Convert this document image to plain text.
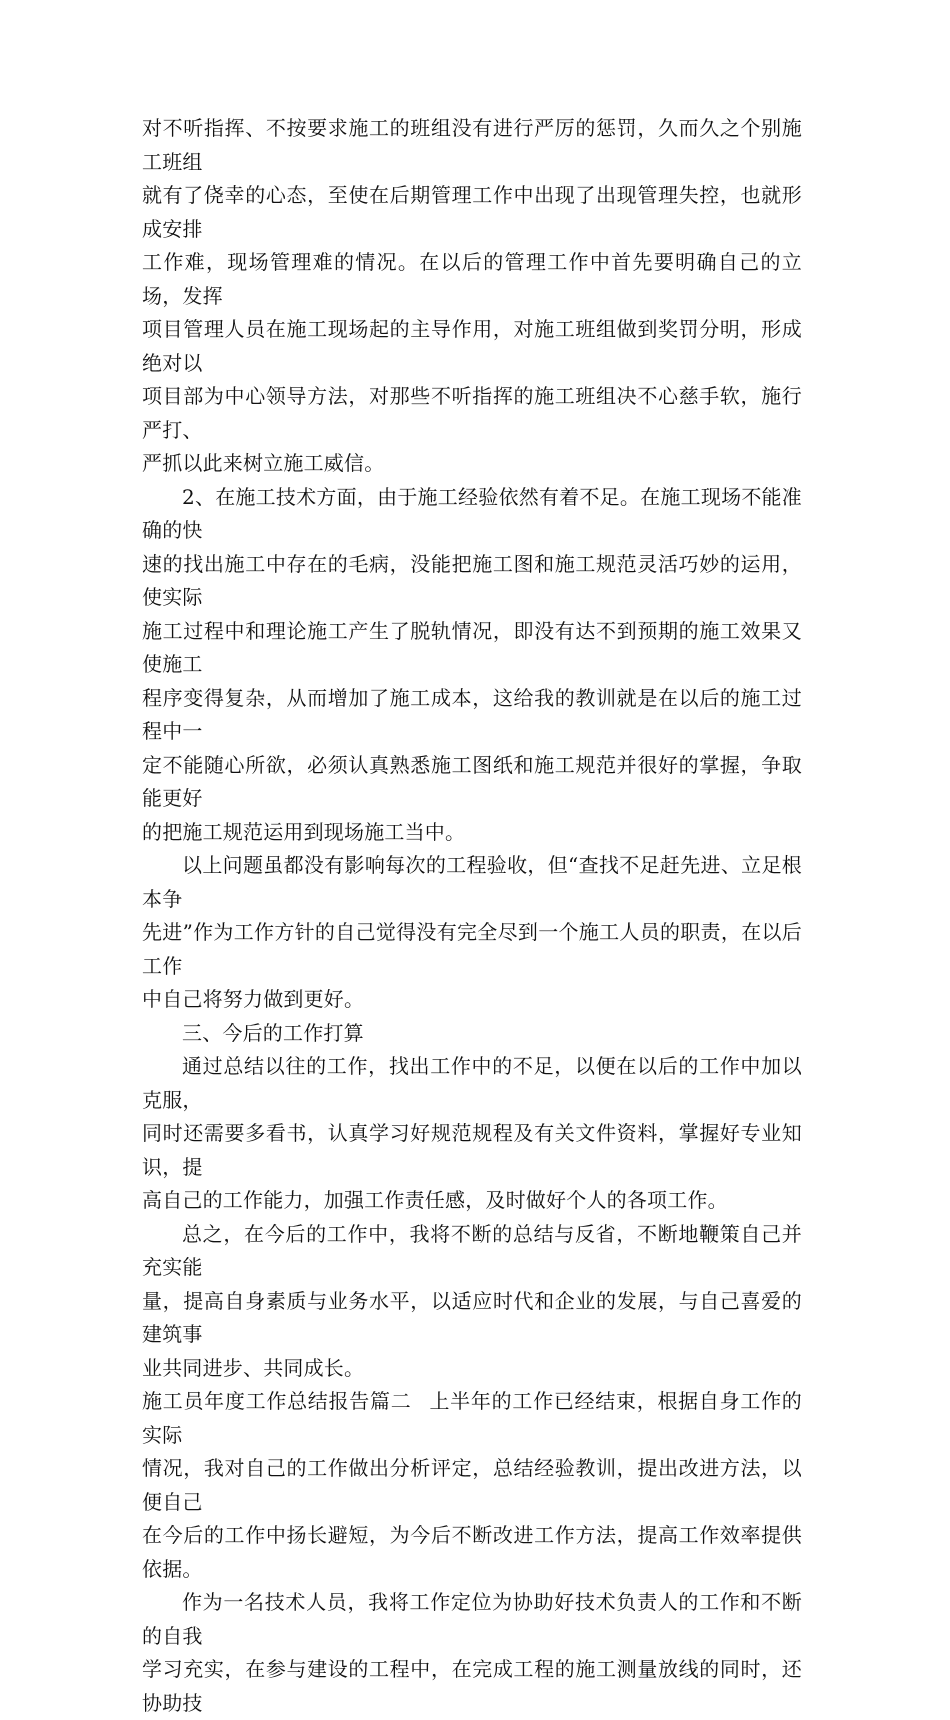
对不听指挥、不按要求施工的班组没有进行严厉的惩罚，久而久之个别施工班组
就有了侥幸的心态，至使在后期管理工作中出现了出现管理失控，也就形成安排
工作难，现场管理难的情况。在以后的管理工作中首先要明确自己的立场，发挥
项目管理人员在施工现场起的主导作用，对施工班组做到奖罚分明，形成绝对以
项目部为中心领导方法，对那些不听指挥的施工班组决不心慈手软，施行严打、
严抓以此来树立施工威信。

2、在施工技术方面，由于施工经验依然有着不足。在施工现场不能准确的快
速的找出施工中存在的毛病，没能把施工图和施工规范灵活巧妙的运用，使实际
施工过程中和理论施工产生了脱轨情况，即没有达不到预期的施工效果又使施工
程序变得复杂，从而增加了施工成本，这给我的教训就是在以后的施工过程中一
定不能随心所欲，必须认真熟悉施工图纸和施工规范并很好的掌握，争取能更好
的把施工规范运用到现场施工当中。

以上问题虽都没有影响每次的工程验收，但“查找不足赶先进、立足根本争
先进”作为工作方针的自己觉得没有完全尽到一个施工人员的职责，在以后工作
中自己将努力做到更好。

三、今后的工作打算

通过总结以往的工作，找出工作中的不足，以便在以后的工作中加以克服，
同时还需要多看书，认真学习好规范规程及有关文件资料，掌握好专业知识，提
高自己的工作能力，加强工作责任感，及时做好个人的各项工作。

总之，在今后的工作中，我将不断的总结与反省，不断地鞭策自己并充实能
量，提高自身素质与业务水平，以适应时代和企业的发展，与自己喜爱的建筑事
业共同进步、共同成长。

施工员年度工作总结报告篇二 上半年的工作已经结束，根据自身工作的实际
情况，我对自己的工作做出分析评定，总结经验教训，提出改进方法，以便自己
在今后的工作中扬长避短，为今后不断改进工作方法，提高工作效率提供依据。

作为一名技术人员，我将工作定位为协助好技术负责人的工作和不断的自我
学习充实，在参与建设的工程中，在完成工程的施工测量放线的同时，还协助技
